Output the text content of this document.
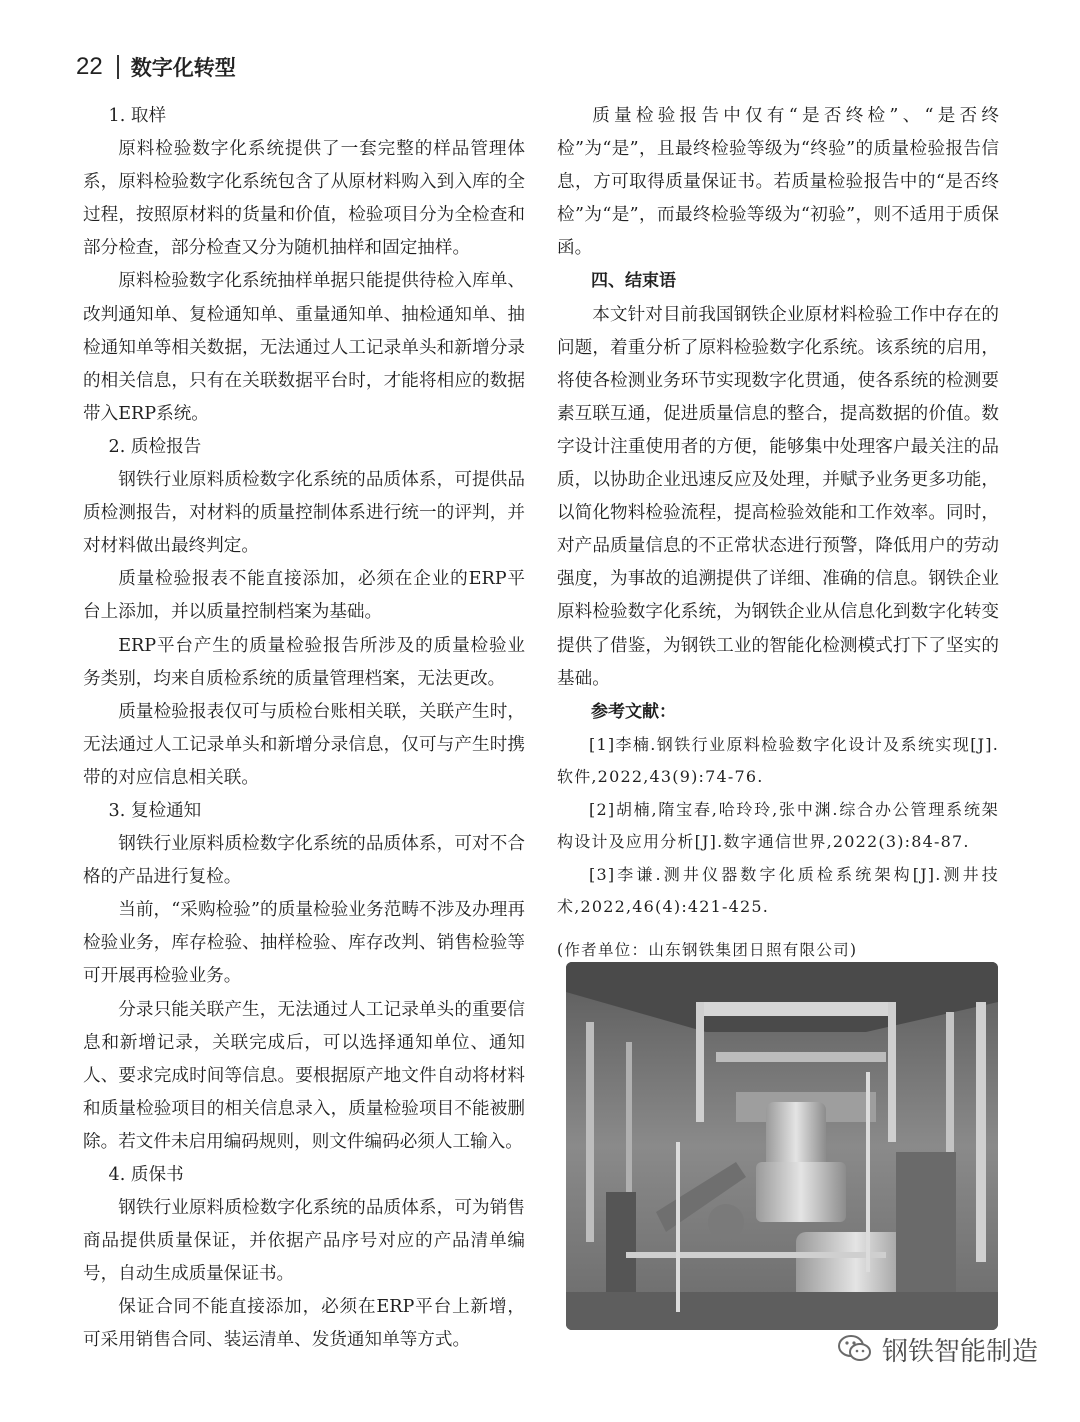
22 数字化转型

1. 取样

原料检验数字化系统提供了一套完整的样品管理体系，原料检验数字化系统包含了从原材料购入到入库的全过程，按照原材料的货量和价值，检验项目分为全检查和部分检查，部分检查又分为随机抽样和固定抽样。

原料检验数字化系统抽样单据只能提供待检入库单、改判通知单、复检通知单、重量通知单、抽检通知单、抽检通知单等相关数据，无法通过人工记录单头和新增分录的相关信息，只有在关联数据平台时，才能将相应的数据带入ERP系统。

2. 质检报告

钢铁行业原料质检数字化系统的品质体系，可提供品质检测报告，对材料的质量控制体系进行统一的评判，并对材料做出最终判定。

质量检验报表不能直接添加，必须在企业的ERP平台上添加，并以质量控制档案为基础。

ERP平台产生的质量检验报告所涉及的质量检验业务类别，均来自质检系统的质量管理档案，无法更改。

质量检验报表仅可与质检台账相关联，关联产生时，无法通过人工记录单头和新增分录信息，仅可与产生时携带的对应信息相关联。

3. 复检通知

钢铁行业原料质检数字化系统的品质体系，可对不合格的产品进行复检。

当前，“采购检验”的质量检验业务范畴不涉及办理再检验业务，库存检验、抽样检验、库存改判、销售检验等可开展再检验业务。

分录只能关联产生，无法通过人工记录单头的重要信息和新增记录，关联完成后，可以选择通知单位、通知人、要求完成时间等信息。要根据原产地文件自动将材料和质量检验项目的相关信息录入，质量检验项目不能被删除。若文件未启用编码规则，则文件编码必须人工输入。

4. 质保书

钢铁行业原料质检数字化系统的品质体系，可为销售商品提供质量保证，并依据产品序号对应的产品清单编号，自动生成质量保证书。

保证合同不能直接添加，必须在ERP平台上新增，可采用销售合同、装运清单、发货通知单等方式。

质量检验报告中仅有“是否终检”、“是否终检”为“是”，且最终检验等级为“终验”的质量检验报告信息，方可取得质量保证书。若质量检验报告中的“是否终检”为“是”，而最终检验等级为“初验”，则不适用于质保函。

四、结束语

本文针对目前我国钢铁企业原材料检验工作中存在的问题，着重分析了原料检验数字化系统。该系统的启用，将使各检测业务环节实现数字化贯通，使各系统的检测要素互联互通，促进质量信息的整合，提高数据的价值。数字设计注重使用者的方便，能够集中处理客户最关注的品质，以协助企业迅速反应及处理，并赋予业务更多功能，以简化物料检验流程，提高检验效能和工作效率。同时，对产品质量信息的不正常状态进行预警，降低用户的劳动强度，为事故的追溯提供了详细、准确的信息。钢铁企业原料检验数字化系统，为钢铁企业从信息化到数字化转变提供了借鉴，为钢铁工业的智能化检测模式打下了坚实的基础。

参考文献：

[1]李楠.钢铁行业原料检验数字化设计及系统实现[J].软件,2022,43(9):74-76.

[2]胡楠,隋宝春,哈玲玲,张中渊.综合办公管理系统架构设计及应用分析[J].数字通信世界,2022(3):84-87.

[3]李谦.测井仪器数字化质检系统架构[J].测井技术,2022,46(4):421-425.

(作者单位：山东钢铁集团日照有限公司)

钢铁智能制造
